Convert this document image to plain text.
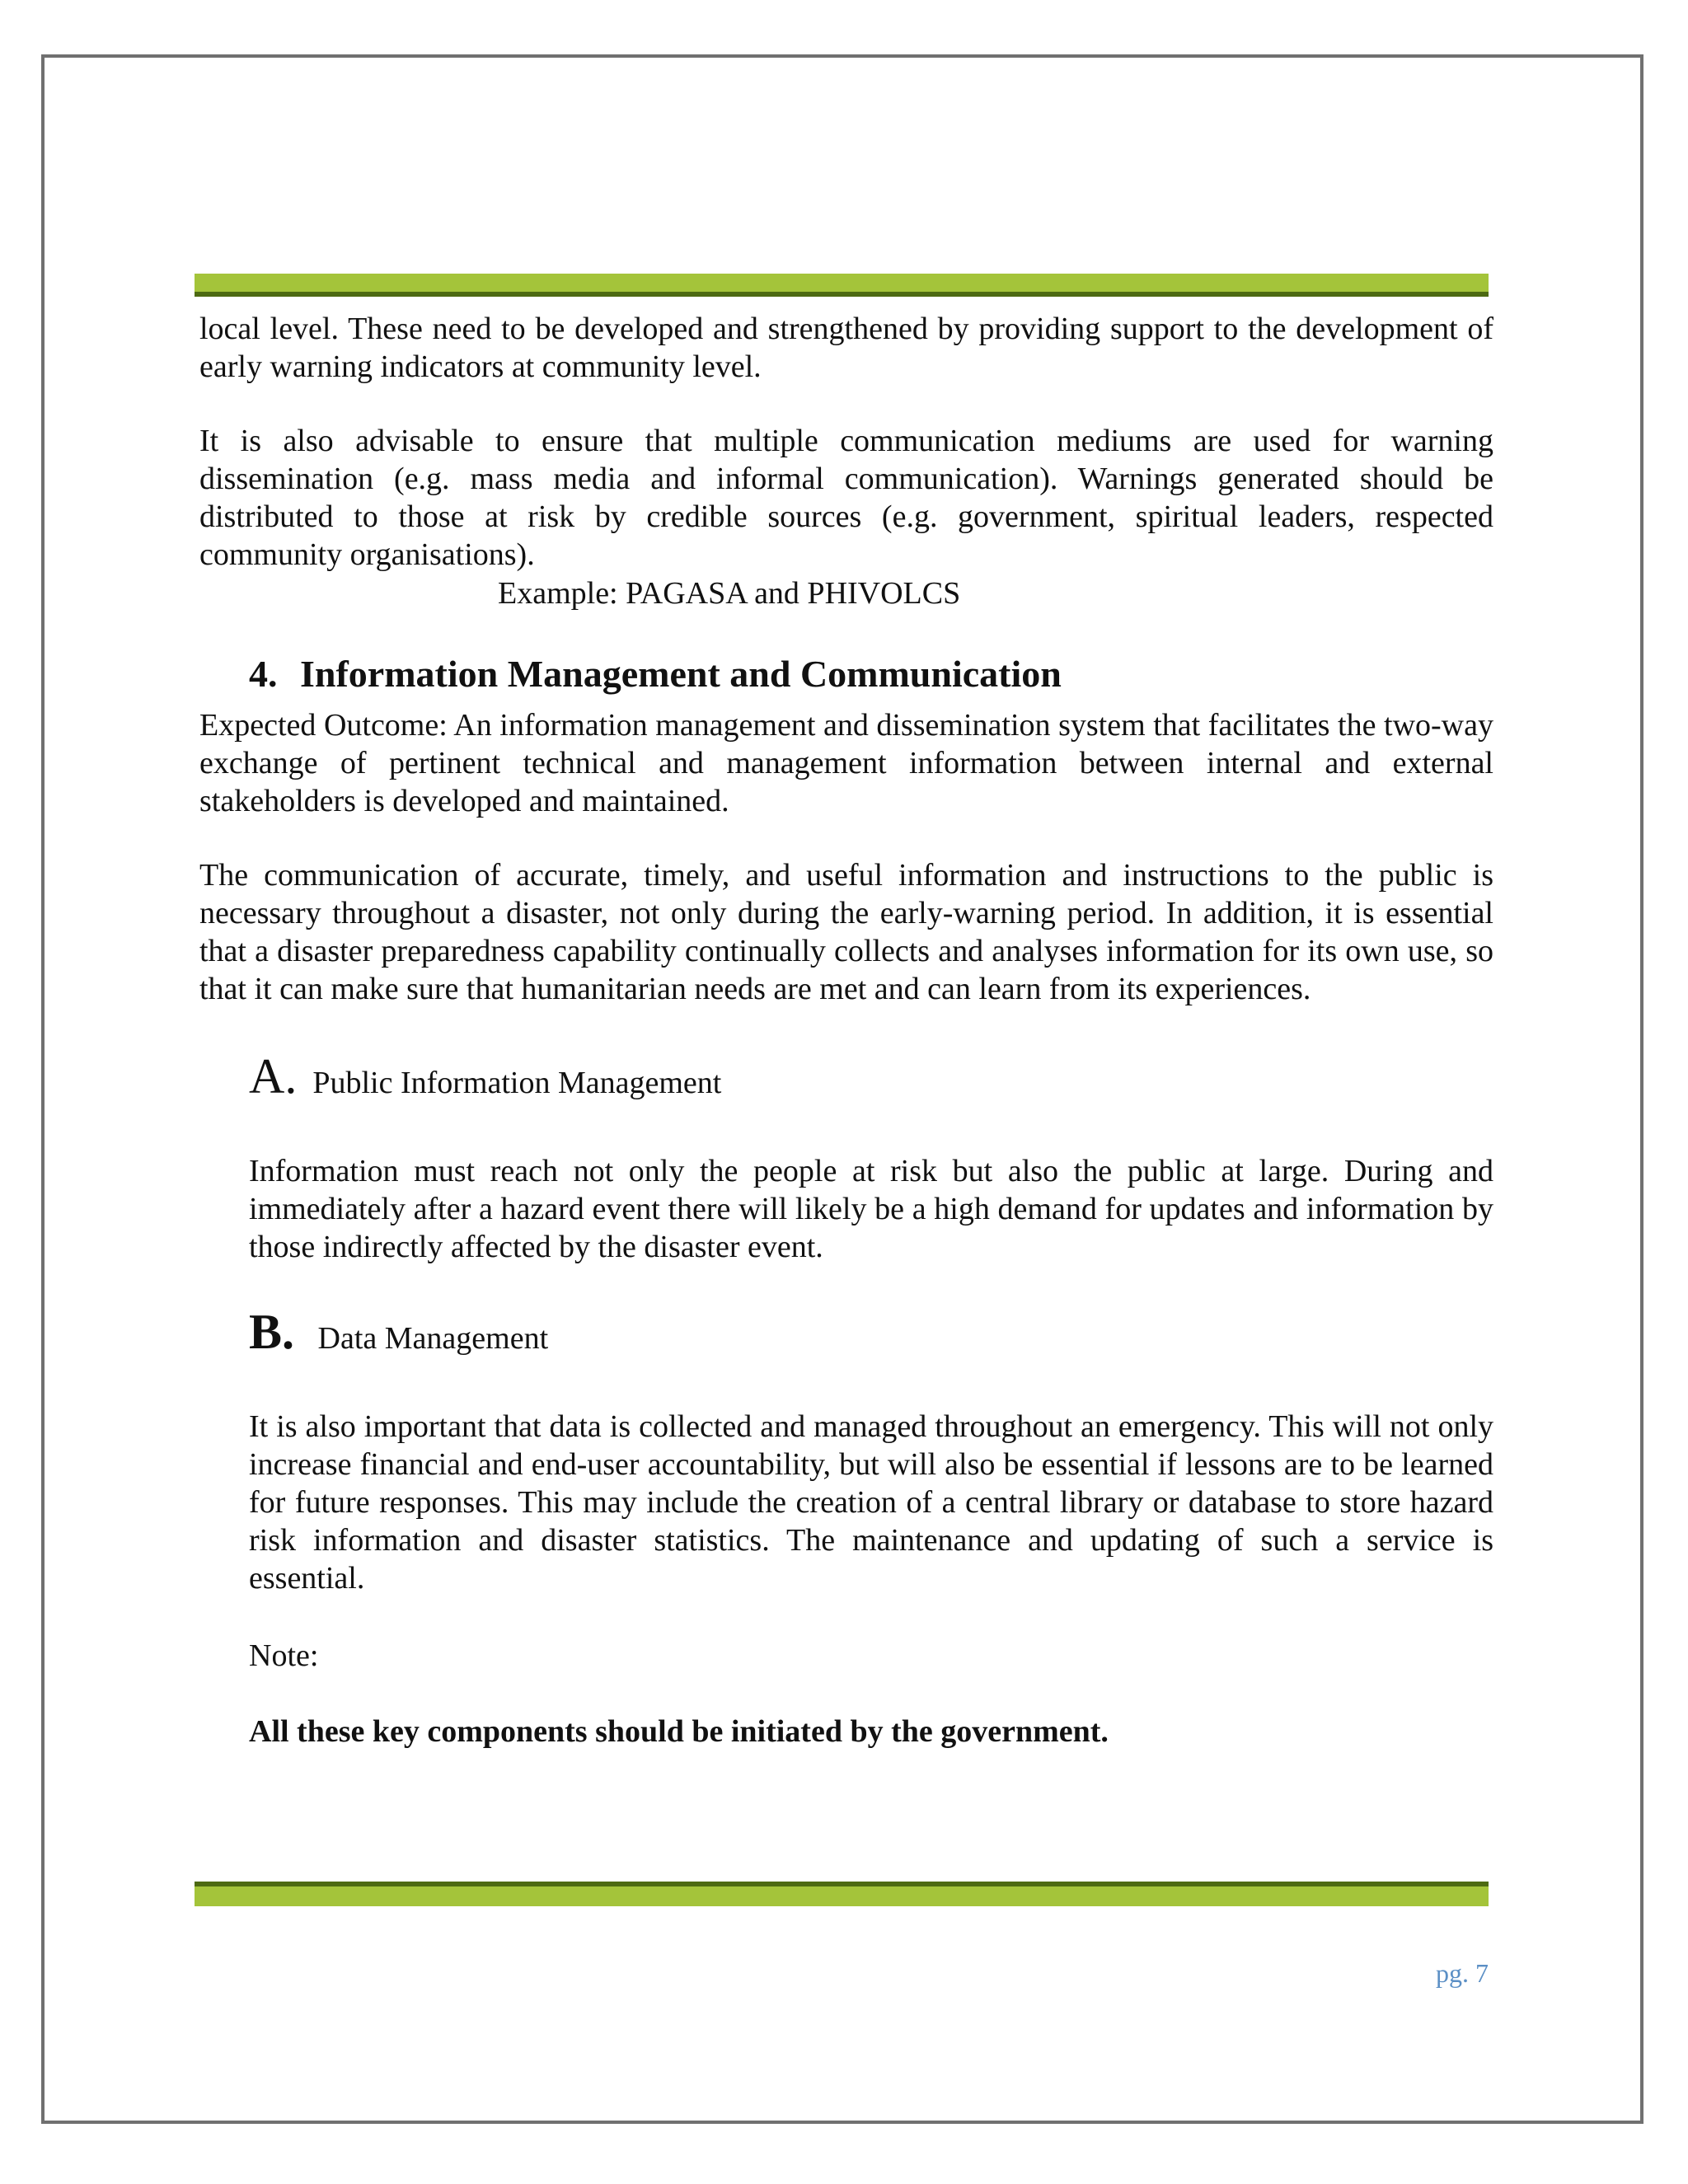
local level. These need to be developed and strengthened by providing support to the development of early warning indicators at community level.

It is also advisable to ensure that multiple communication mediums are used for warning dissemination (e.g. mass media and informal communication). Warnings generated should be distributed to those at risk by credible sources (e.g. government, spiritual leaders, respected community organisations).

Example: PAGASA and PHIVOLCS

4. Information Management and Communication

Expected Outcome: An information management and dissemination system that facilitates the two-way exchange of pertinent technical and management information between internal and external stakeholders is developed and maintained.

The communication of accurate, timely, and useful information and instructions to the public is necessary throughout a disaster, not only during the early-warning period. In addition, it is essential that a disaster preparedness capability continually collects and analyses information for its own use, so that it can make sure that humanitarian needs are met and can learn from its experiences.

A. Public Information Management

Information must reach not only the people at risk but also the public at large. During and immediately after a hazard event there will likely be a high demand for updates and information by those indirectly affected by the disaster event.

B. Data Management

It is also important that data is collected and managed throughout an emergency. This will not only increase financial and end-user accountability, but will also be essential if lessons are to be learned for future responses. This may include the creation of a central library or database to store hazard risk information and disaster statistics. The maintenance and updating of such a service is essential.

Note:

All these key components should be initiated by the government.

pg. 7
